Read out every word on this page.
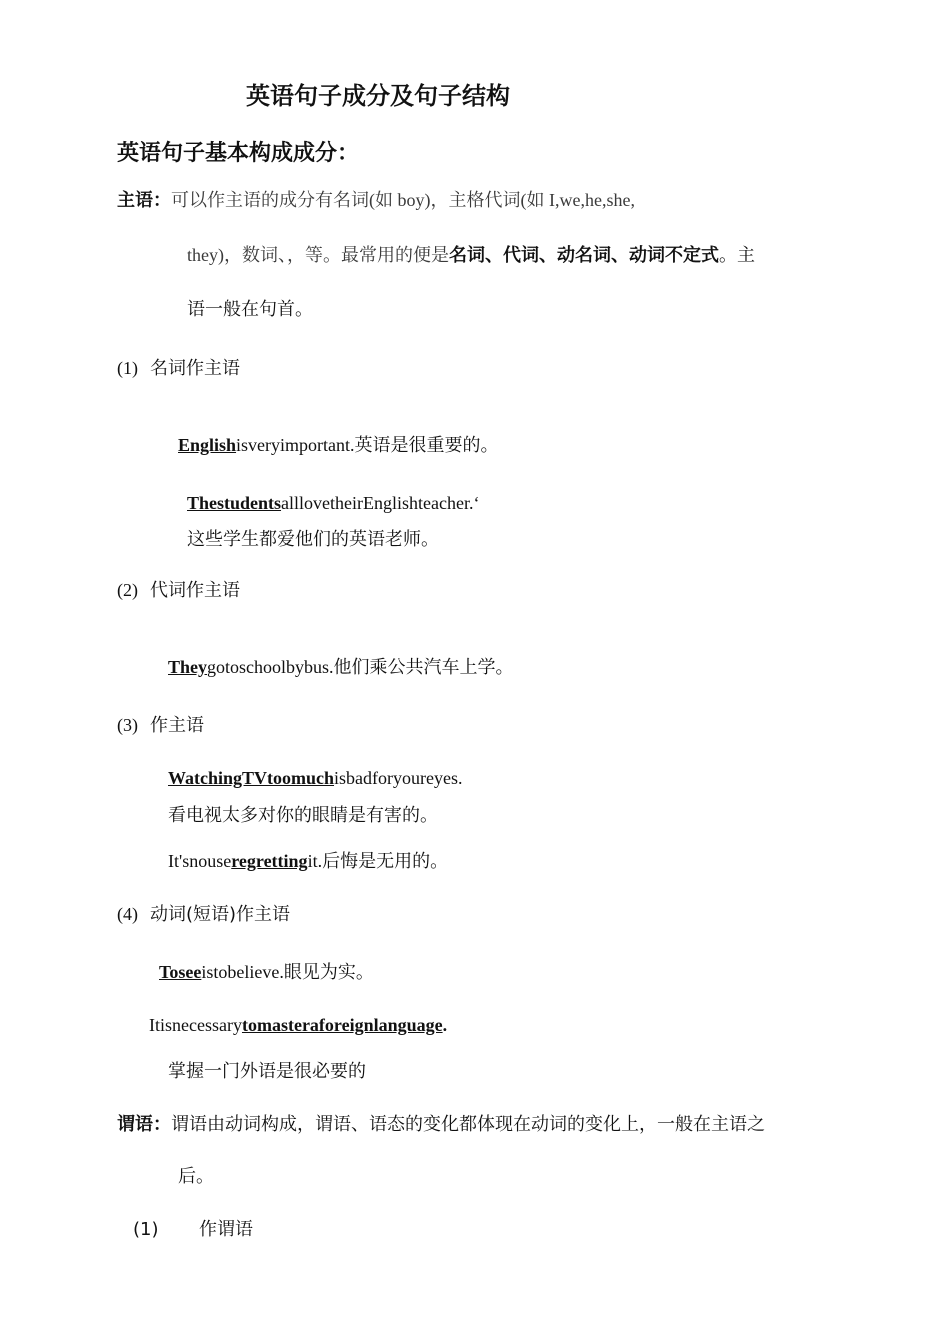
英语句子成分及句子结构
英语句子基本构成成分：
主语：可以作主语的成分有名词(如 boy)，主格代词(如 I,we,he,she,
they)，数词、，等。最常用的便是名词、代词、动名词、动词不定式。主
语一般在句首。
(1) 名词作主语
Englishisveryimportant.英语是很重要的。
ThestudentsalllovetheirEnglishteacher.‘
这些学生都爱他们的英语老师。
(2) 代词作主语
Theygotoschoolbybus.他们乘公共汽车上学。
(3) 作主语
WatchingTVtoomuchisbadforyoureyes.
看电视太多对你的眼睛是有害的。
It'snouseregrettingit.后悔是无用的。
(4) 动词(短语)作主语
Toseeistobelieve.眼见为实。
Itisnecessarytomasteraforeignlanguage.
掌握一门外语是很必要的
谓语：谓语由动词构成，谓语、语态的变化都体现在动词的变化上，一般在主语之
后。
(1) 作谓语
